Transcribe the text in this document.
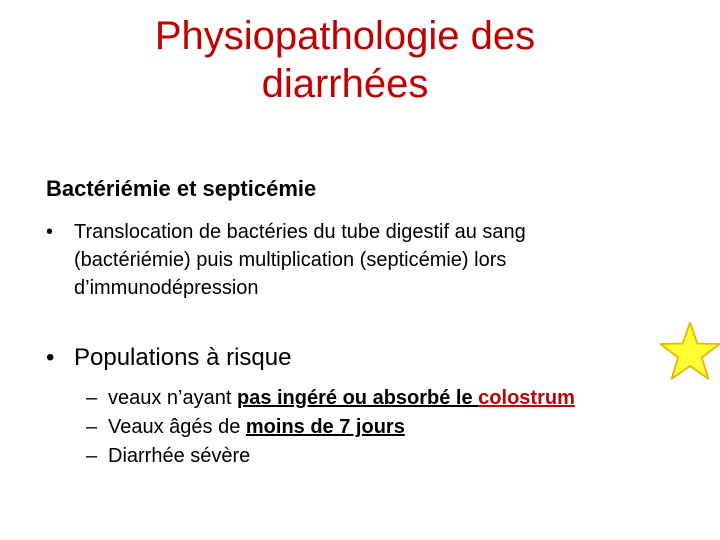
Physiopathologie des
diarrhées
Bactériémie et septicémie
•	Translocation de bactéries du tube digestif au sang (bactériémie) puis multiplication (septicémie) lors d’immunodépression
• Populations à risque
– veaux n’ayant pas ingéré ou absorbé le colostrum
– Veaux âgés de moins de 7 jours
– Diarrhée sévère
